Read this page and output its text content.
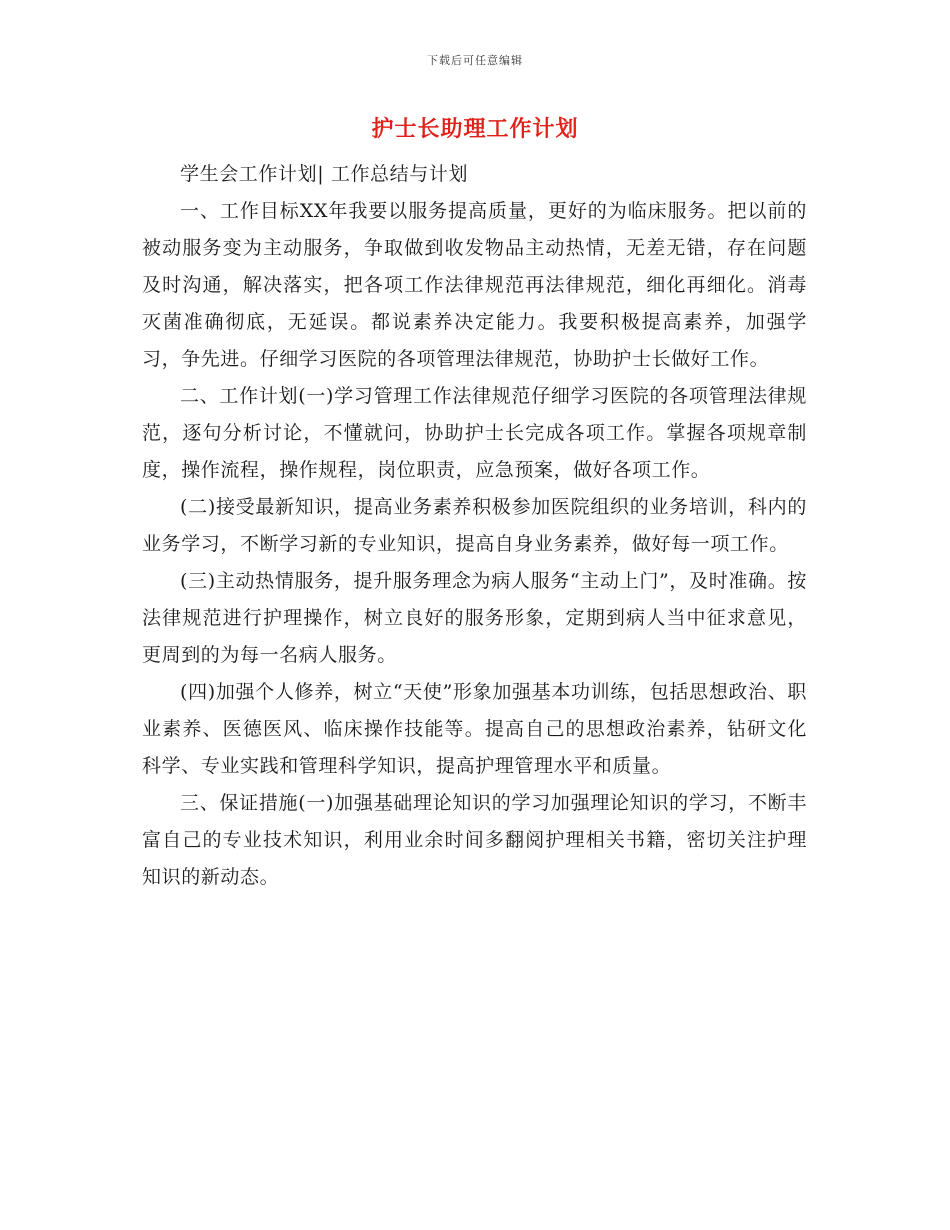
下载后可任意编辑
护士长助理工作计划

学生会工作计划| 工作总结与计划

一、工作目标XX年我要以服务提高质量，更好的为临床服务。把以前的被动服务变为主动服务，争取做到收发物品主动热情，无差无错，存在问题及时沟通，解决落实，把各项工作法律规范再法律规范，细化再细化。消毒灭菌准确彻底，无延误。都说素养决定能力。我要积极提高素养，加强学习，争先进。仔细学习医院的各项管理法律规范，协助护士长做好工作。

二、工作计划(一)学习管理工作法律规范仔细学习医院的各项管理法律规范，逐句分析讨论，不懂就问，协助护士长完成各项工作。掌握各项规章制度，操作流程，操作规程，岗位职责，应急预案，做好各项工作。

(二)接受最新知识，提高业务素养积极参加医院组织的业务培训，科内的业务学习，不断学习新的专业知识，提高自身业务素养，做好每一项工作。

(三)主动热情服务，提升服务理念为病人服务“主动上门”，及时准确。按法律规范进行护理操作，树立良好的服务形象，定期到病人当中征求意见，更周到的为每一名病人服务。

(四)加强个人修养，树立“天使”形象加强基本功训练，包括思想政治、职业素养、医德医风、临床操作技能等。提高自己的思想政治素养，钻研文化科学、专业实践和管理科学知识，提高护理管理水平和质量。

三、保证措施(一)加强基础理论知识的学习加强理论知识的学习，不断丰富自己的专业技术知识，利用业余时间多翻阅护理相关书籍，密切关注护理知识的新动态。
